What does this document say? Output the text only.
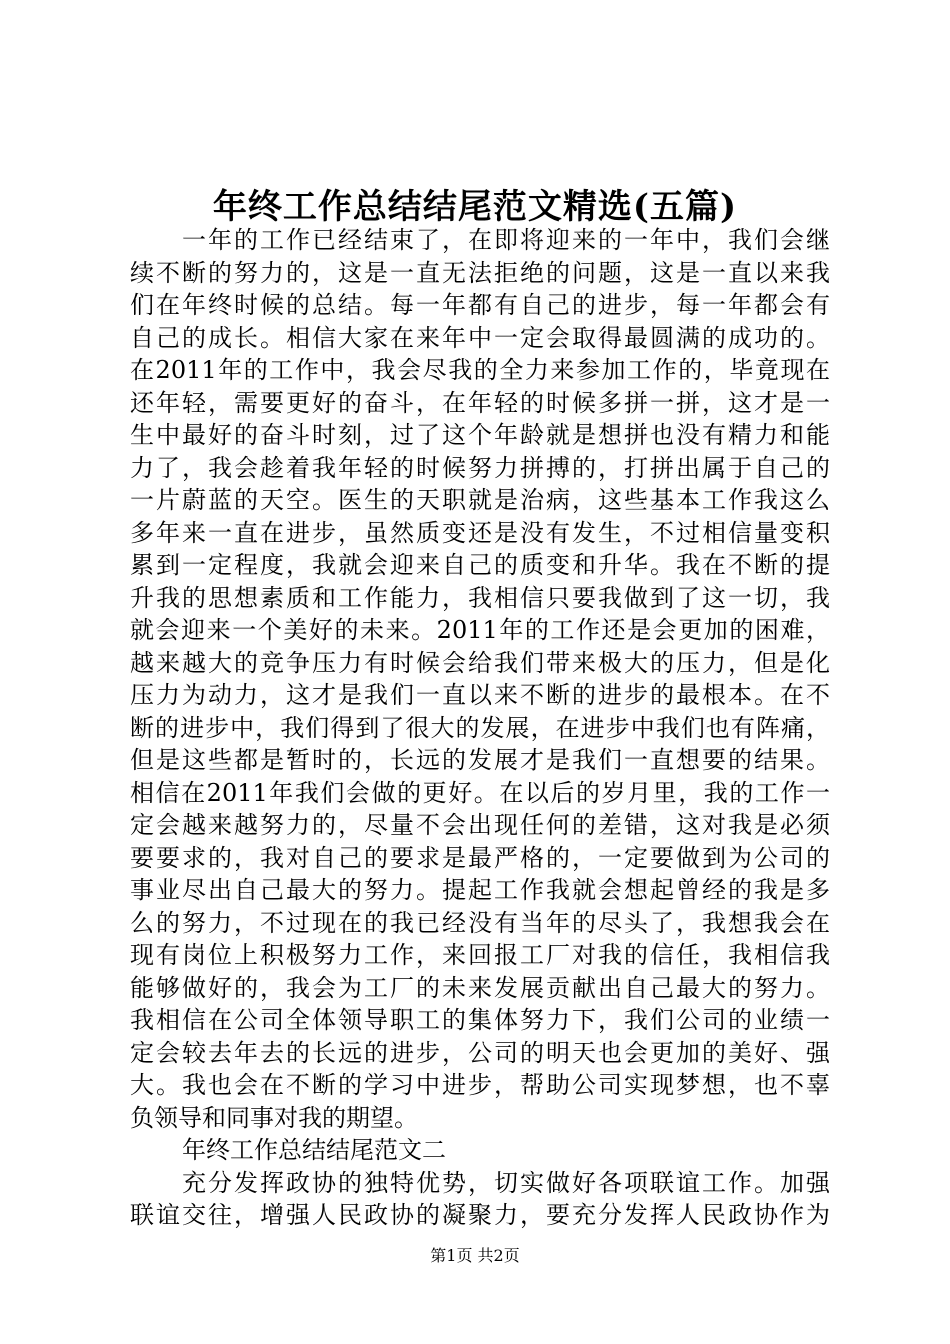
年终工作总结结尾范文精选(五篇)
一年的工作已经结束了，在即将迎来的一年中，我们会继
续不断的努力的，这是一直无法拒绝的问题，这是一直以来我
们在年终时候的总结。每一年都有自己的进步，每一年都会有
自己的成长。相信大家在来年中一定会取得最圆满的成功的。
在2011年的工作中，我会尽我的全力来参加工作的，毕竟现在
还年轻，需要更好的奋斗，在年轻的时候多拼一拼，这才是一
生中最好的奋斗时刻，过了这个年龄就是想拼也没有精力和能
力了，我会趁着我年轻的时候努力拼搏的，打拼出属于自己的
一片蔚蓝的天空。医生的天职就是治病，这些基本工作我这么
多年来一直在进步，虽然质变还是没有发生，不过相信量变积
累到一定程度，我就会迎来自己的质变和升华。我在不断的提
升我的思想素质和工作能力，我相信只要我做到了这一切，我
就会迎来一个美好的未来。2011年的工作还是会更加的困难，
越来越大的竞争压力有时候会给我们带来极大的压力，但是化
压力为动力，这才是我们一直以来不断的进步的最根本。在不
断的进步中，我们得到了很大的发展，在进步中我们也有阵痛，
但是这些都是暂时的，长远的发展才是我们一直想要的结果。
相信在2011年我们会做的更好。在以后的岁月里，我的工作一
定会越来越努力的，尽量不会出现任何的差错，这对我是必须
要要求的，我对自己的要求是最严格的，一定要做到为公司的
事业尽出自己最大的努力。提起工作我就会想起曾经的我是多
么的努力，不过现在的我已经没有当年的尽头了，我想我会在
现有岗位上积极努力工作，来回报工厂对我的信任，我相信我
能够做好的，我会为工厂的未来发展贡献出自己最大的努力。
我相信在公司全体领导职工的集体努力下，我们公司的业绩一
定会较去年去的长远的进步，公司的明天也会更加的美好、强
大。我也会在不断的学习中进步，帮助公司实现梦想，也不辜
负领导和同事对我的期望。
年终工作总结结尾范文二
充分发挥政协的独特优势，切实做好各项联谊工作。加强
联谊交往，增强人民政协的凝聚力，要充分发挥人民政协作为
第1页 共2页
